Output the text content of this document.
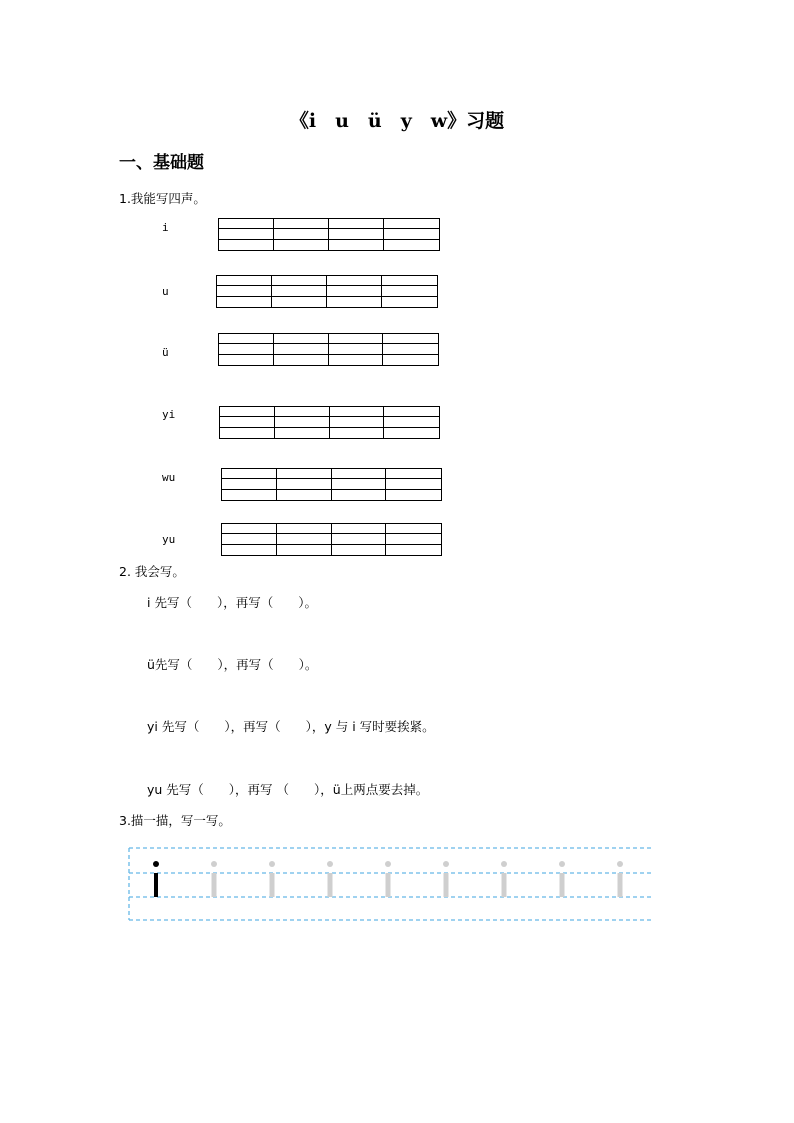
《i　u　ü　y　w》习题
一、基础题
1.我能写四声。
i
u
ü
yi
wu
yu
2. 我会写。
i 先写（　　），再写（　　）。
ü先写（　　），再写（　　）。
yi 先写（　　），再写（　　），y 与 i 写时要挨紧。
yu 先写（　　），再写 （　　），ü上两点要去掉。
3.描一描，写一写。
